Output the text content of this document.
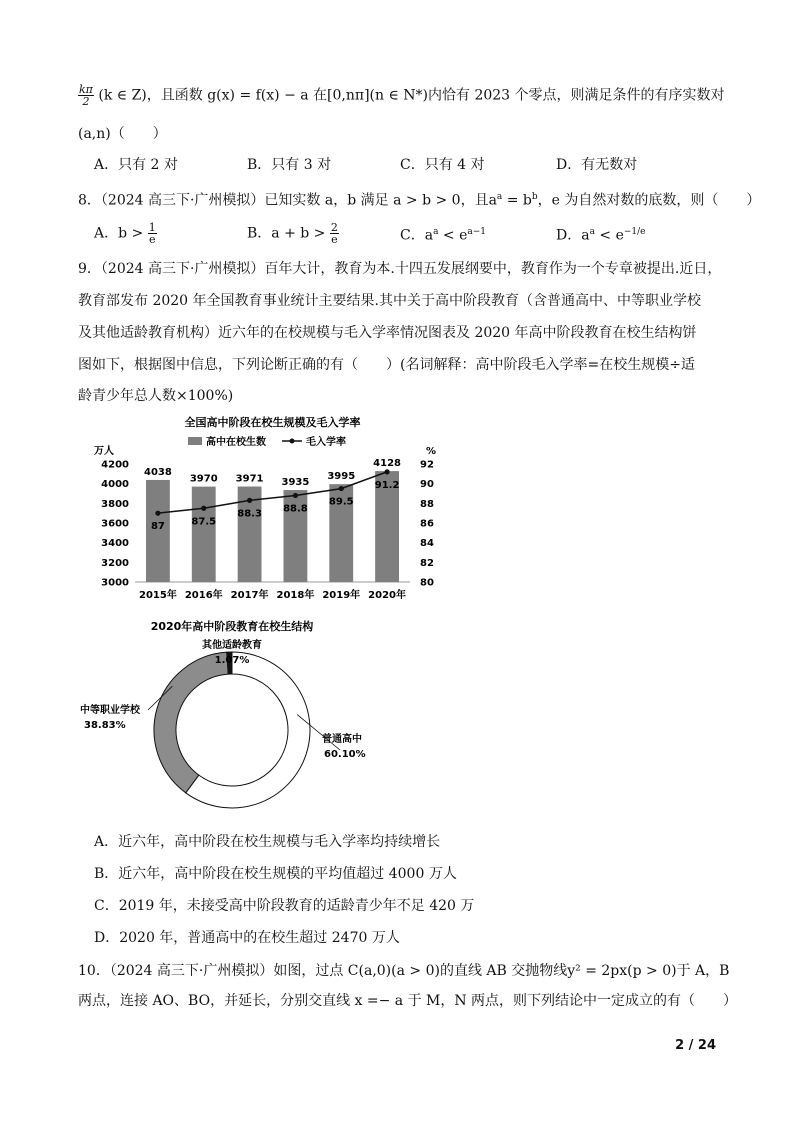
$\frac{k\pi}{2} (k$ ∈ Z)，且函数 g(x) = f(x) − a 在[0,nπ](n ∈ N*)内恰有 2023 个零点，则满足条件的有序实数对
(a,n)（　　）
A．只有 2 对	B．只有 3 对	C．只有 4 对	D．有无数对
8．（2024 高三下·广州模拟）已知实数 a，b 满足 a > b > 0，且$a^a = b^b$，e 为自然对数的底数，则（　　）
A．$b > \frac{1}{e}$	B．$a + b > \frac{2}{e}$	C．$a^a < e^{a-1}$	D．$a^a < e^{-1/e}$
9．（2024 高三下·广州模拟）百年大计，教育为本.十四五发展纲要中，教育作为一个专章被提出.近日，
教育部发布 2020 年全国教育事业统计主要结果.其中关于高中阶段教育（含普通高中、中等职业学校
及其他适龄教育机构）近六年的在校规模与毛入学率情况图表及 2020 年高中阶段教育在校生结构饼
图如下，根据图中信息，下列论断正确的有（　　）(名词解释：高中阶段毛入学率=在校生规模÷适
龄青少年总人数×100%)
全国高中阶段在校生规模及毛入学率
高中在校生数	毛入学率
万人	%
4200
4000
3800
3600
3400
3200
3000
92
90
88
86
84
82
80
4038
2015年
3970
2016年
3971
2017年
3935
2018年
3995
2019年
4128
2020年
87	87.5
88.3 88.8
89.5
91.2
2020年高中阶段教育在校生结构
普通高中
60.10%
中等职业学校
38.83%
其他适龄教育
1.07%
A．近六年，高中阶段在校生规模与毛入学率均持续增长
B．近六年，高中阶段在校生规模的平均值超过 4000 万人
C．2019 年，未接受高中阶段教育的适龄青少年不足 420 万
D．2020 年，普通高中的在校生超过 2470 万人
10．（2024 高三下·广州模拟）如图，过点 C(a,0)(a > 0)的直线 AB 交抛物线y² = 2px(p > 0)于 A，B
两点，连接 AO、BO，并延长，分别交直线 x =− a 于 M，N 两点，则下列结论中一定成立的有（　　）
2 / 24
